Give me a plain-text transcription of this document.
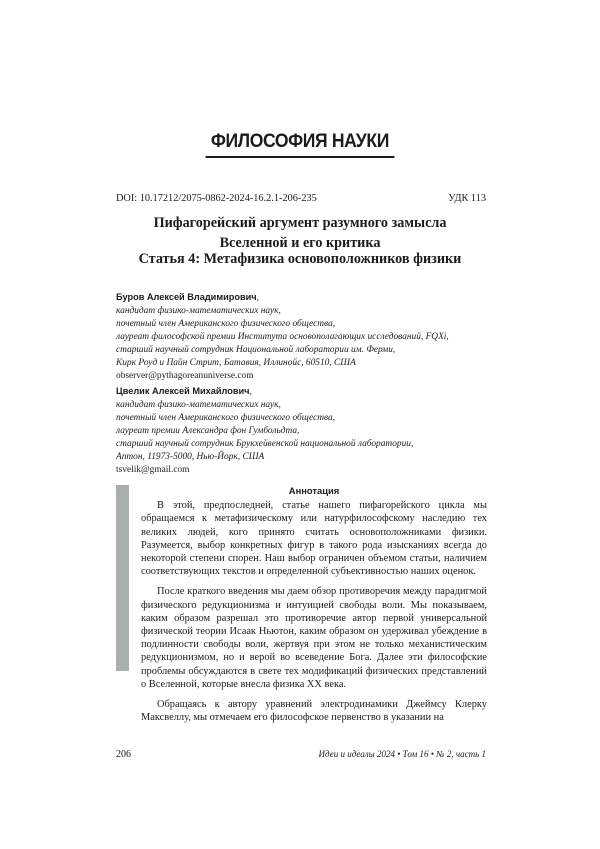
ФИЛОСОФИЯ НАУКИ
DOI: 10.17212/2075-0862-2024-16.2.1-206-235	УДК 113
Пифагорейский аргумент разумного замысла
Вселенной и его критика
Статья 4: Метафизика основоположников физики
Буров Алексей Владимирович,
кандидат физико-математических наук,
почетный член Американского физического общества,
лауреат философской премии Института основополагающих исследований, FQXi,
старший научный сотрудник Национальной лаборатории им. Ферми,
Кирк Роуд и Пайн Стрит, Батавия, Иллинойс, 60510, США
observer@pythagoreanuniverse.com
Цвелик Алексей Михайлович,
кандидат физико-математических наук,
почетный член Американского физического общества,
лауреат премии Александра фон Гумбольдта,
старший научный сотрудник Брукхейвенской национальной лаборатории,
Аптон, 11973-5000, Нью-Йорк, США
tsvelik@gmail.com
Аннотация

В этой, предпоследней, статье нашего пифагорейского цикла мы обращаемся к метафизическому или натурфилософскому наследию тех великих людей, кого принято считать основоположниками физики. Разумеется, выбор конкретных фигур в такого рода изысканиях всегда до некоторой степени спорен. Наш выбор ограничен объемом статьи, наличием соответствующих текстов и определенной субъективностью наших оценок.

После краткого введения мы даем обзор противоречия между парадигмой физического редукционизма и интуицией свободы воли. Мы показываем, каким образом разрешал это противоречие автор первой универсальной физической теории Исаак Ньютон, каким образом он удерживал убеждение в подлинности свободы воли, жертвуя при этом не только механистическим редукционизмом, но и верой во всеведение Бога. Далее эти философские проблемы обсуждаются в свете тех модификаций физических представлений о Вселенной, которые внесла физика XX века.

Обращаясь к автору уравнений электродинамики Джеймсу Клерку Максвеллу, мы отмечаем его философское первенство в указании на

206	Идеи и идеалы 2024 • Том 16 • № 2, часть 1
